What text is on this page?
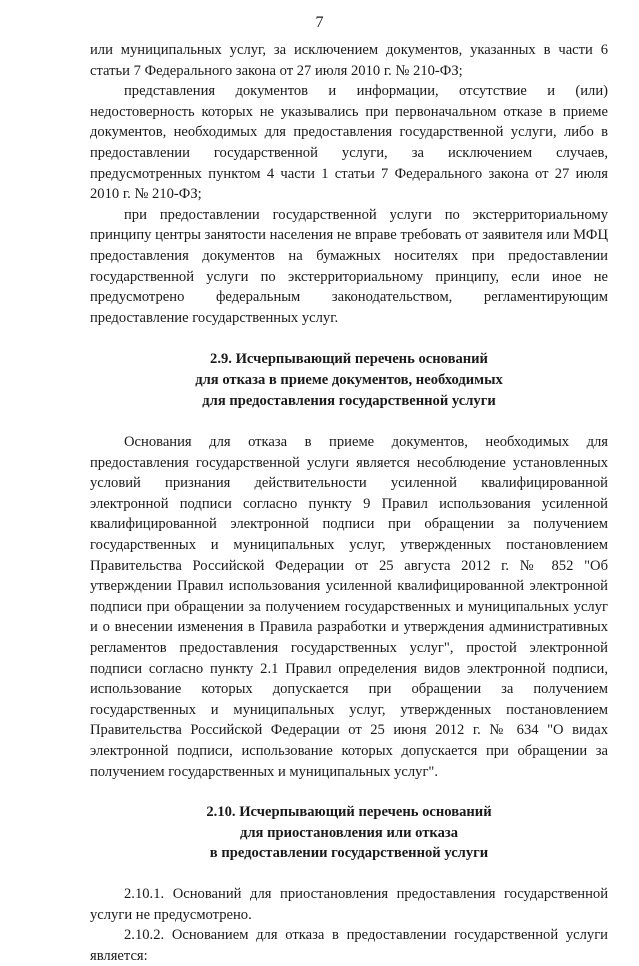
7

или муниципальных услуг, за исключением документов, указанных в части 6 статьи 7 Федерального закона от 27 июля 2010 г. № 210-ФЗ;

представления документов и информации, отсутствие и (или) недостоверность которых не указывались при первоначальном отказе в приеме документов, необходимых для предоставления государственной услуги, либо в предоставлении государственной услуги, за исключением случаев, предусмотренных пунктом 4 части 1 статьи 7 Федерального закона от 27 июля 2010 г. № 210-ФЗ;

при предоставлении государственной услуги по экстерриториальному принципу центры занятости населения не вправе требовать от заявителя или МФЦ предоставления документов на бумажных носителях при предоставлении государственной услуги по экстерриториальному принципу, если иное не предусмотрено федеральным законодательством, регламентирующим предоставление государственных услуг.

2.9. Исчерпывающий перечень оснований
для отказа в приеме документов, необходимых
для предоставления государственной услуги

Основания для отказа в приеме документов, необходимых для предоставления государственной услуги является несоблюдение установленных условий признания действительности усиленной квалифицированной электронной подписи согласно пункту 9 Правил использования усиленной квалифицированной электронной подписи при обращении за получением государственных и муниципальных услуг, утвержденных постановлением Правительства Российской Федерации от 25 августа 2012 г. № 852 "Об утверждении Правил использования усиленной квалифицированной электронной подписи при обращении за получением государственных и муниципальных услуг и о внесении изменения в Правила разработки и утверждения административных регламентов предоставления государственных услуг", простой электронной подписи согласно пункту 2.1 Правил определения видов электронной подписи, использование которых допускается при обращении за получением государственных и муниципальных услуг, утвержденных постановлением Правительства Российской Федерации от 25 июня 2012 г. № 634 "О видах электронной подписи, использование которых допускается при обращении за получением государственных и муниципальных услуг".

2.10. Исчерпывающий перечень оснований
для приостановления или отказа
в предоставлении государственной услуги

2.10.1. Оснований для приостановления предоставления государственной услуги не предусмотрено.

2.10.2. Основанием для отказа в предоставлении государственной услуги является:
